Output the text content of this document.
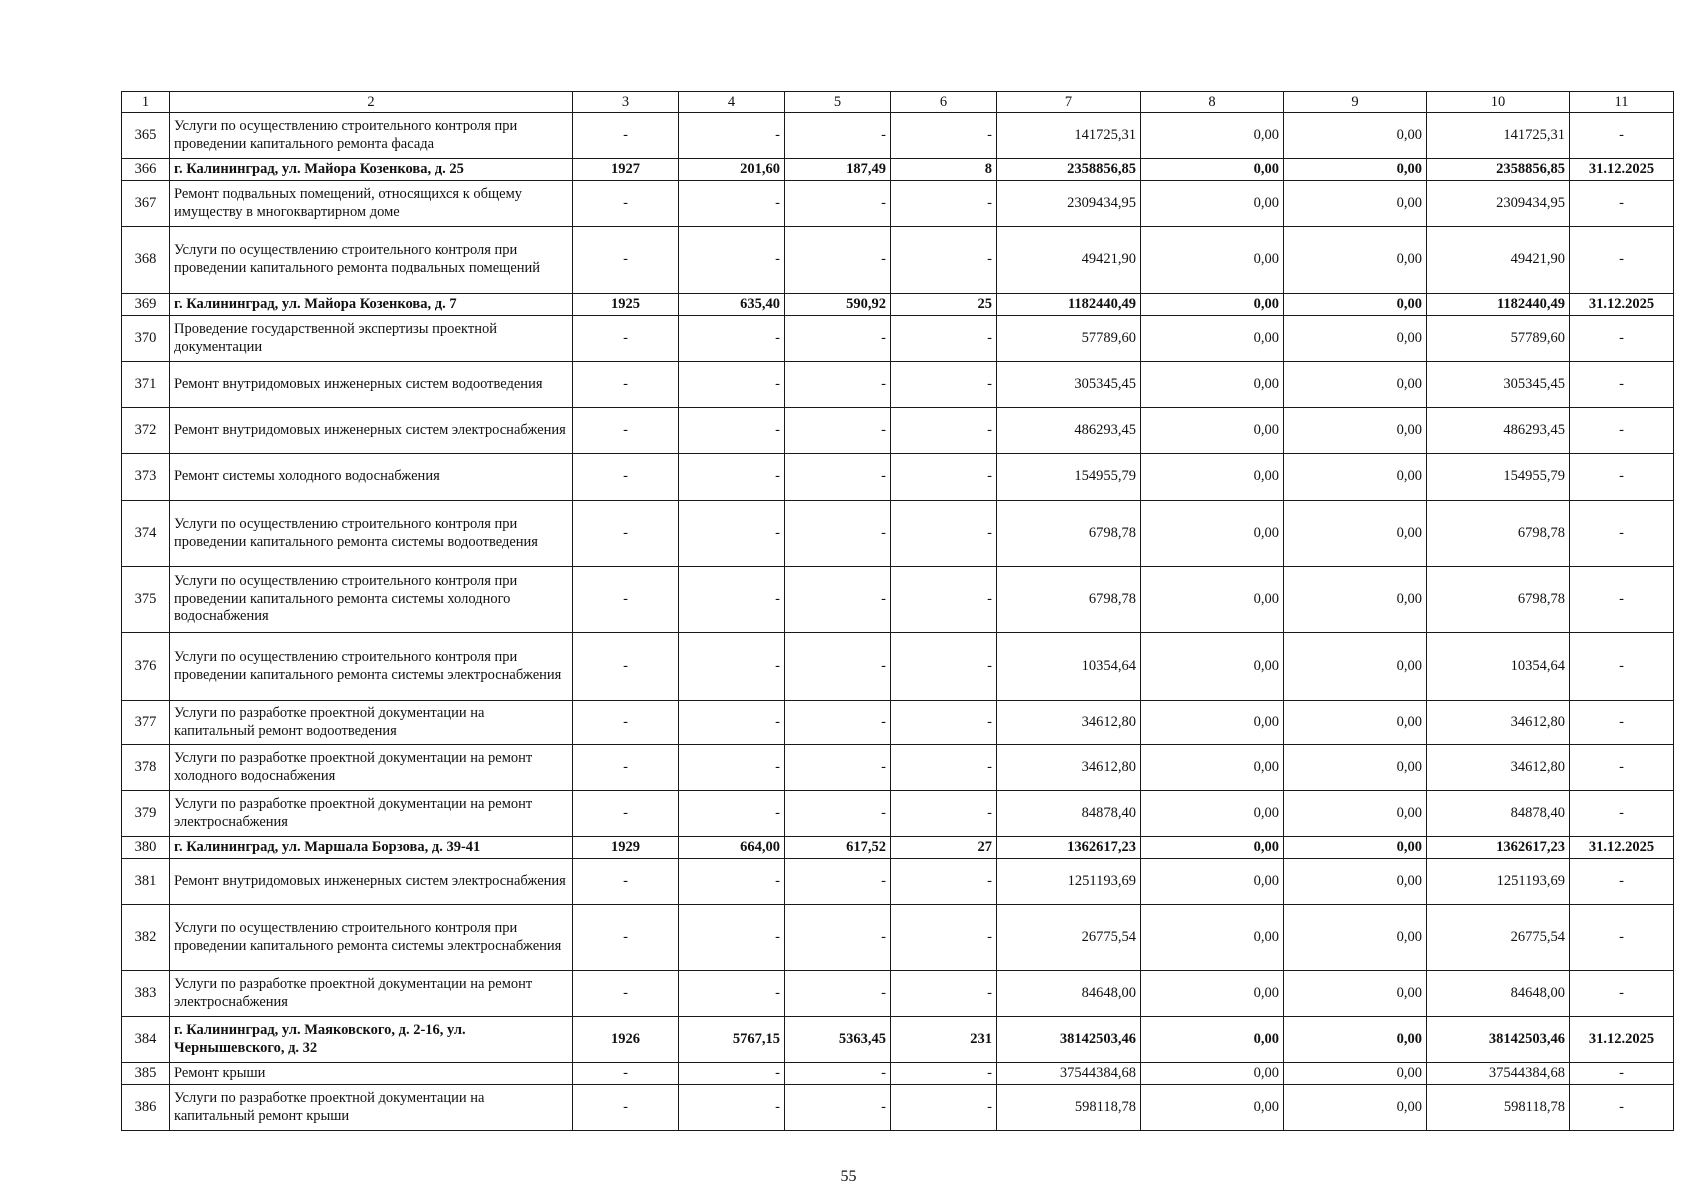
1	2	3	4	5	6	7	8	9	10	11
365	Услуги по осуществлению строительного контроля при проведении капитального ремонта фасада	-	-	-	-	141725,31	0,00	0,00	141725,31	-
366	г. Калининград, ул. Майора Козенкова, д. 25	1927	201,60	187,49	8	2358856,85	0,00	0,00	2358856,85	31.12.2025
367	Ремонт подвальных помещений, относящихся к общему имуществу в многоквартирном доме	-	-	-	-	2309434,95	0,00	0,00	2309434,95	-
368	Услуги по осуществлению строительного контроля при проведении капитального ремонта подвальных помещений	-	-	-	-	49421,90	0,00	0,00	49421,90	-
369	г. Калининград, ул. Майора Козенкова, д. 7	1925	635,40	590,92	25	1182440,49	0,00	0,00	1182440,49	31.12.2025
370	Проведение государственной экспертизы проектной документации	-	-	-	-	57789,60	0,00	0,00	57789,60	-
371	Ремонт внутридомовых инженерных систем водоотведения	-	-	-	-	305345,45	0,00	0,00	305345,45	-
372	Ремонт внутридомовых инженерных систем электроснабжения	-	-	-	-	486293,45	0,00	0,00	486293,45	-
373	Ремонт системы холодного водоснабжения	-	-	-	-	154955,79	0,00	0,00	154955,79	-
374	Услуги по осуществлению строительного контроля при проведении капитального ремонта системы водоотведения	-	-	-	-	6798,78	0,00	0,00	6798,78	-
375	Услуги по осуществлению строительного контроля при проведении капитального ремонта системы холодного водоснабжения	-	-	-	-	6798,78	0,00	0,00	6798,78	-
376	Услуги по осуществлению строительного контроля при проведении капитального ремонта системы электроснабжения	-	-	-	-	10354,64	0,00	0,00	10354,64	-
377	Услуги по разработке проектной документации на капитальный ремонт водоотведения	-	-	-	-	34612,80	0,00	0,00	34612,80	-
378	Услуги по разработке проектной документации на ремонт холодного водоснабжения	-	-	-	-	34612,80	0,00	0,00	34612,80	-
379	Услуги по разработке проектной документации на ремонт электроснабжения	-	-	-	-	84878,40	0,00	0,00	84878,40	-
380	г. Калининград, ул. Маршала Борзова, д. 39-41	1929	664,00	617,52	27	1362617,23	0,00	0,00	1362617,23	31.12.2025
381	Ремонт внутридомовых инженерных систем электроснабжения	-	-	-	-	1251193,69	0,00	0,00	1251193,69	-
382	Услуги по осуществлению строительного контроля при проведении капитального ремонта системы электроснабжения	-	-	-	-	26775,54	0,00	0,00	26775,54	-
383	Услуги по разработке проектной документации на ремонт электроснабжения	-	-	-	-	84648,00	0,00	0,00	84648,00	-
384	г. Калининград, ул. Маяковского, д. 2-16, ул. Чернышевского, д. 32	1926	5767,15	5363,45	231	38142503,46	0,00	0,00	38142503,46	31.12.2025
385	Ремонт крыши	-	-	-	-	37544384,68	0,00	0,00	37544384,68	-
386	Услуги по разработке проектной документации на капитальный ремонт крыши	-	-	-	-	598118,78	0,00	0,00	598118,78	-
55
